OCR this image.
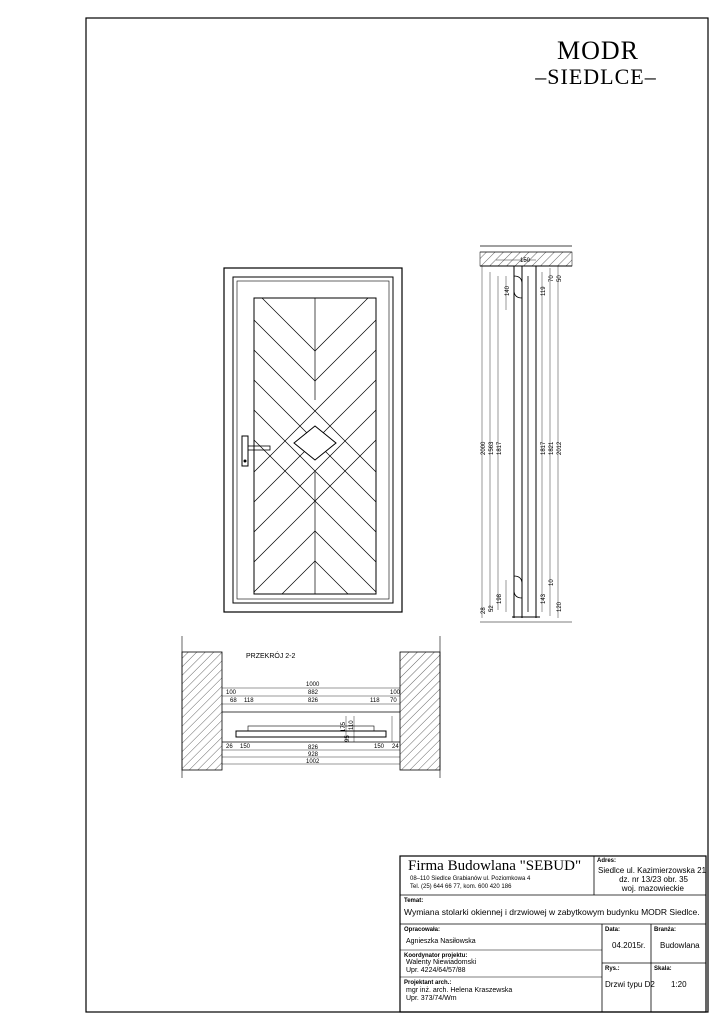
150
2000 1563 1817
140
198
52
28
1817 1821 2012
119
70 50
143
10
120
PRZEKRÓJ 2-2
1000
882
826
100	100
68 118	118 70
175 110
95
26 150	150 24
826
928
1002
MODR
–SIEDLCE–
Firma Budowlana "SEBUD"
08–110 Siedlce Grabianów ul. Poziomkowa 4
Tel. (25) 644 66 77, kom. 600 420 186
Adres:
Siedlce ul. Kazimierzowska 21
dz. nr 13/23 obr. 35
woj. mazowieckie
Temat:
Wymiana stolarki okiennej i drzwiowej w zabytkowym budynku MODR Siedlce.
Opracowała:
Agnieszka Nasiłowska
Data:
04.2015r.
Branża:
Budowlana
Koordynator projektu:
Walenty Niewiadomski
Upr. 4224/64/57/88	Rys.:
Drzwi typu D2
Skala:
1:20
Projektant arch.:
mgr inż. arch. Helena Kraszewska
Upr. 373/74/Wm
